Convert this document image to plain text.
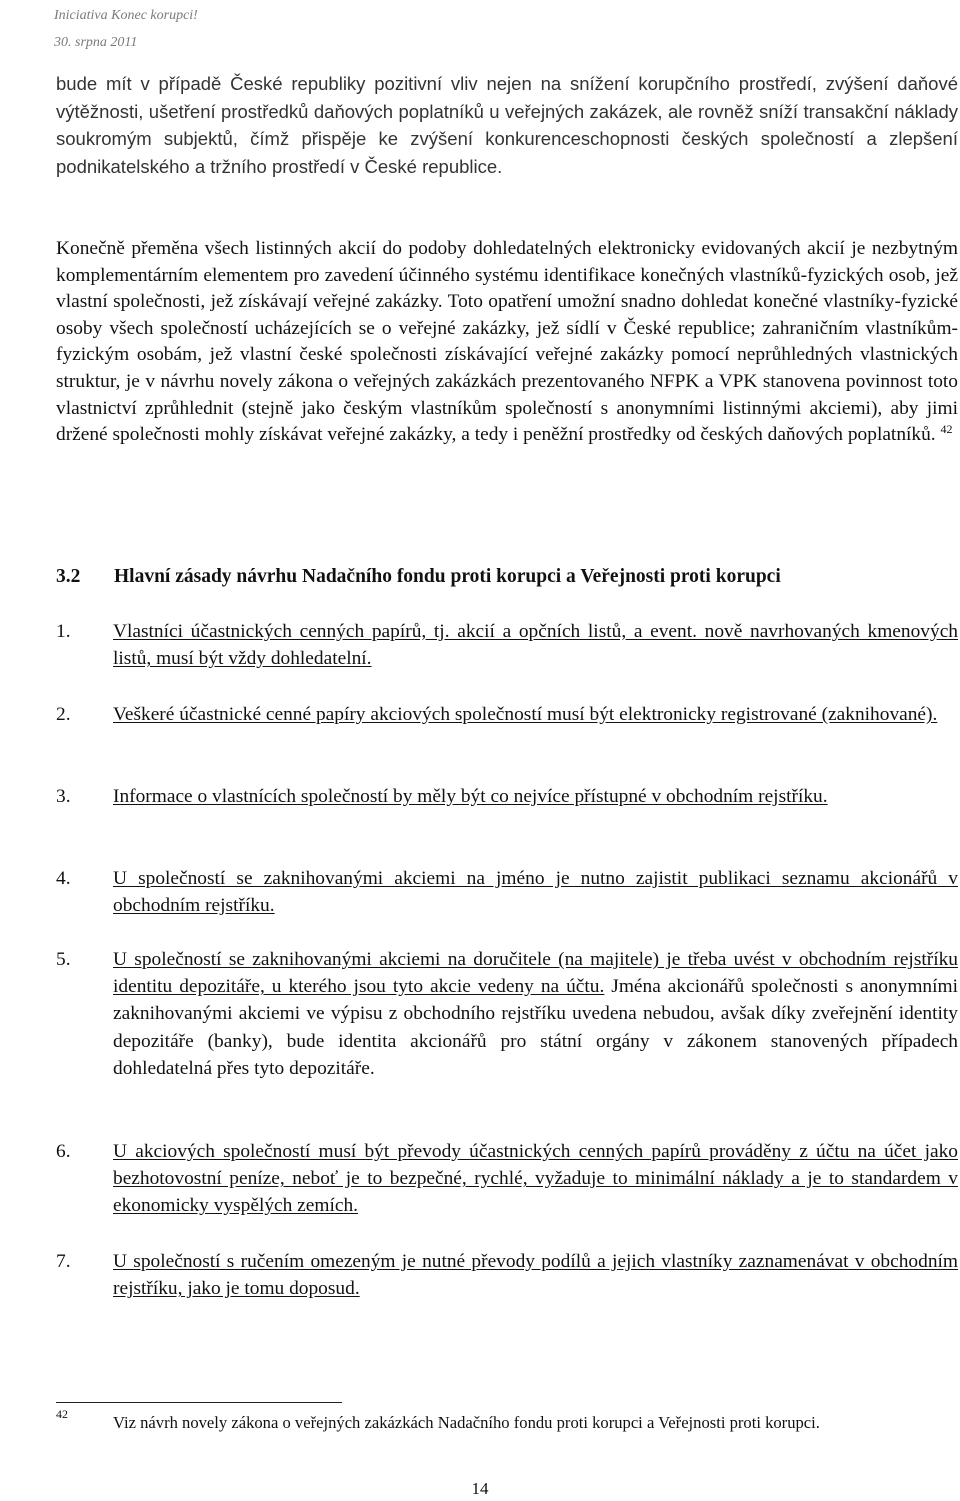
Iniciativa Konec korupci!
30. srpna 2011

bude mít v případě České republiky pozitivní vliv nejen na snížení korupčního prostředí, zvýšení daňové výtěžnosti, ušetření prostředků daňových poplatníků u veřejných zakázek, ale rovněž sníží transakční náklady soukromým subjektů, čímž přispěje ke zvýšení konkurenceschopnosti českých společností a zlepšení podnikatelského a tržního prostředí v České republice.

Konečně přeměna všech listinných akcií do podoby dohledatelných elektronicky evidovaných akcií je nezbytným komplementárním elementem pro zavedení účinného systému identifikace konečných vlastníků-fyzických osob, jež vlastní společnosti, jež získávají veřejné zakázky. Toto opatření umožní snadno dohledat konečné vlastníky-fyzické osoby všech společností ucházejících se o veřejné zakázky, jež sídlí v České republice; zahraničním vlastníkům-fyzickým osobám, jež vlastní české společnosti získávající veřejné zakázky pomocí neprůhledných vlastnických struktur, je v návrhu novely zákona o veřejných zakázkách prezentovaného NFPK a VPK stanovena povinnost toto vlastnictví zprůhlednit (stejně jako českým vlastníkům společností s anonymními listinnými akciemi), aby jimi držené společnosti mohly získávat veřejné zakázky, a tedy i peněžní prostředky od českých daňových poplatníků. $^{42}$

3.2 Hlavní zásady návrhu Nadačního fondu proti korupci a Veřejnosti proti korupci
1. Vlastníci účastnických cenných papírů, tj. akcií a opčních listů, a event. nově navrhovaných kmenových listů, musí být vždy dohledatelní.
2. Veškeré účastnické cenné papíry akciových společností musí být elektronicky registrované (zaknihované).
3. Informace o vlastnících společností by měly být co nejvíce přístupné v obchodním rejstříku.
4. U společností se zaknihovanými akciemi na jméno je nutno zajistit publikaci seznamu akcionářů v obchodním rejstříku.
5. U společností se zaknihovanými akciemi na doručitele (na majitele) je třeba uvést v obchodním rejstříku identitu depozitáře, u kterého jsou tyto akcie vedeny na účtu. Jména akcionářů společnosti s anonymními zaknihovanými akciemi ve výpisu z obchodního rejstříku uvedena nebudou, avšak díky zveřejnění identity depozitáře (banky), bude identita akcionářů pro státní orgány v zákonem stanovených případech dohledatelná přes tyto depozitáře.
6. U akciových společností musí být převody účastnických cenných papírů prováděny z účtu na účet jako bezhotovostní peníze, neboť je to bezpečné, rychlé, vyžaduje to minimální náklady a je to standardem v ekonomicky vyspělých zemích.
7. U společností s ručením omezeným je nutné převody podílů a jejich vlastníky zaznamenávat v obchodním rejstříku, jako je tomu doposud.
42	Viz návrh novely zákona o veřejných zakázkách Nadačního fondu proti korupci a Veřejnosti proti korupci.
14
